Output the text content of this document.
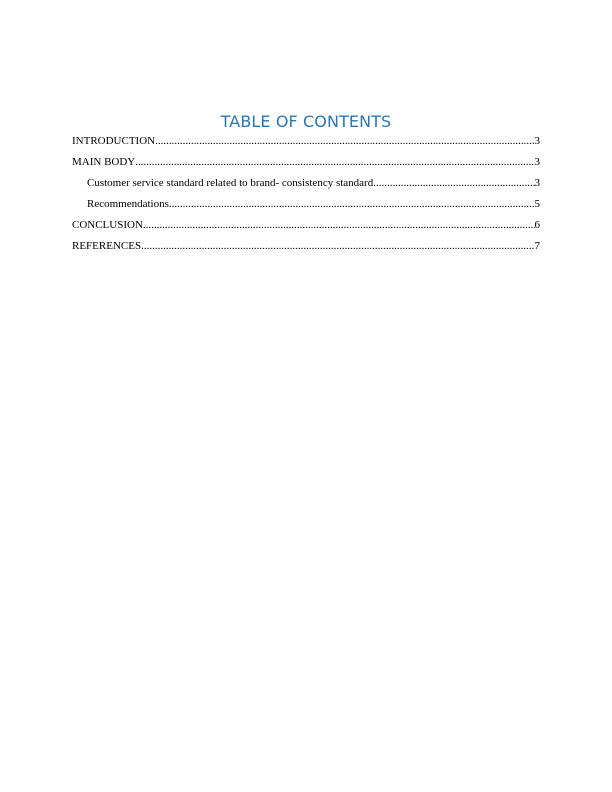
TABLE OF CONTENTS
INTRODUCTION .....	3
MAIN BODY .....	3
Customer service standard related to brand- consistency standard .....	3
Recommendations .....	5
CONCLUSION .....	6
REFERENCES .....	7
